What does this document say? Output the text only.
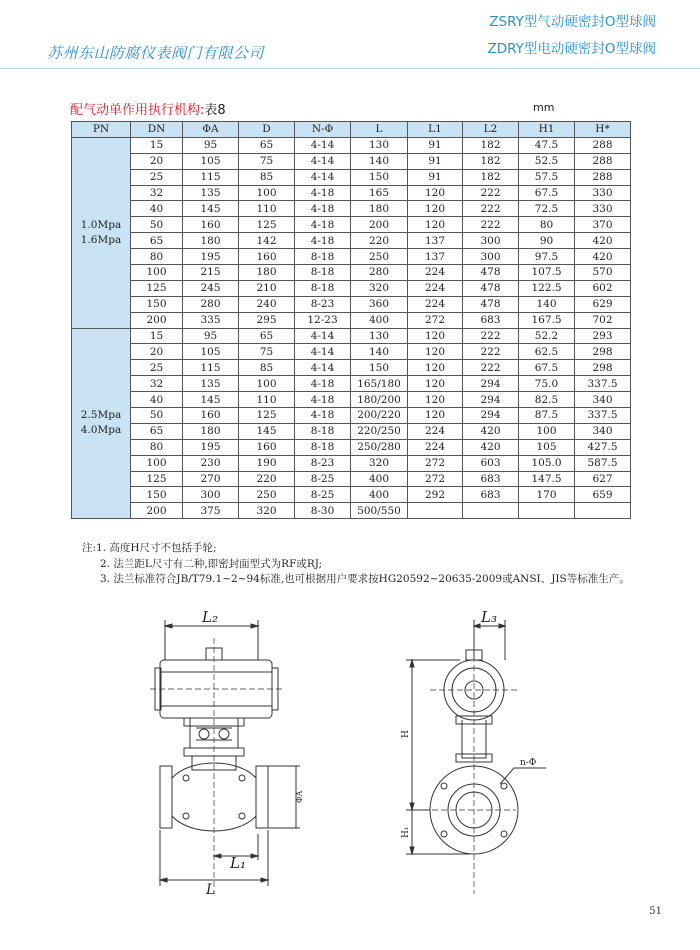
苏州东山防腐仪表阀门有限公司
ZSRY型气动硬密封O型球阀
ZDRY型电动硬密封O型球阀
配气动单作用执行机构:表8	mm
PN	DN	ΦA	D	N-Φ	L	L1	L2	H1	H*

1.0Mpa
1.6Mpa	15	95	65	4-14	130	91	182	47.5	288
	20	105	75	4-14	140	91	182	52.5	288
	25	115	85	4-14	150	91	182	57.5	288
	32	135	100	4-18	165	120	222	67.5	330
	40	145	110	4-18	180	120	222	72.5	330
	50	160	125	4-18	200	120	222	80	370
	65	180	142	4-18	220	137	300	90	420
	80	195	160	8-18	250	137	300	97.5	420
	100	215	180	8-18	280	224	478	107.5	570
	125	245	210	8-18	320	224	478	122.5	602
	150	280	240	8-23	360	224	478	140	629
	200	335	295	12-23	400	272	683	167.5	702

2.5Mpa
4.0Mpa	15	95	65	4-14	130	120	222	52.2	293
	20	105	75	4-14	140	120	222	62.5	298
	25	115	85	4-14	150	120	222	67.5	298
	32	135	100	4-18	165/180	120	294	75.0	337.5
	40	145	110	4-18	180/200	120	294	82.5	340
	50	160	125	4-18	200/220	120	294	87.5	337.5
	65	180	145	8-18	220/250	224	420	100	340
	80	195	160	8-18	250/280	224	420	105	427.5
	100	230	190	8-23	320	272	603	105.0	587.5
	125	270	220	8-25	400	272	683	147.5	627
	150	300	250	8-25	400	292	683	170	659
	200	375	320	8-30	500/550				
注:1. 高度H尺寸不包括手轮;
2. 法兰距L尺寸有二种,即密封面型式为RF或RJ;
3. 法兰标准符合JB/T79.1~2~94标准,也可根据用户要求按HG20592~20635-2009或ANSI、JIS等标准生产。
L₂
L₁
L
ΦA
L₃
H
H₁
n-Φ
51
